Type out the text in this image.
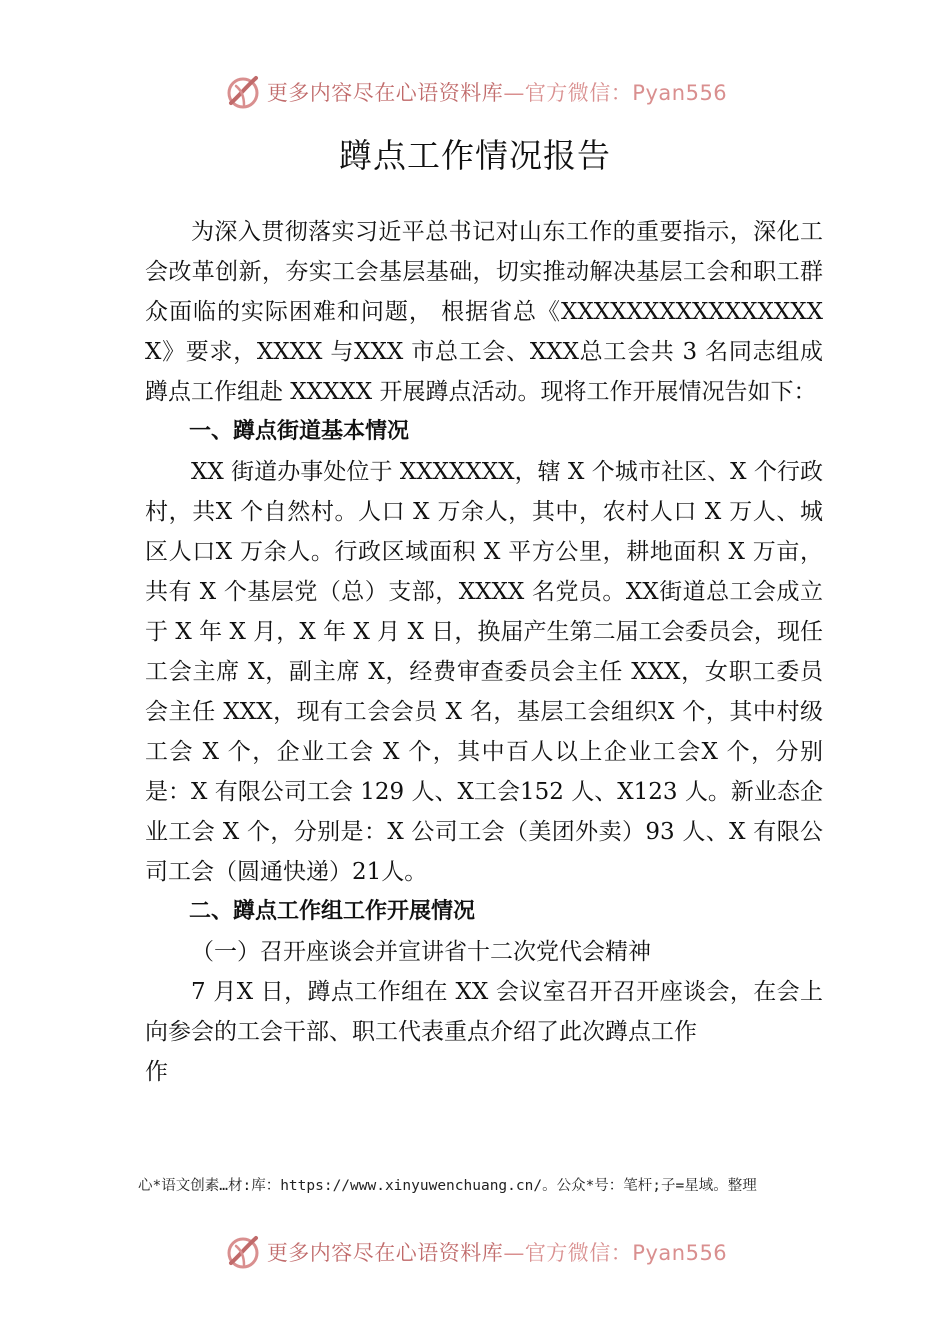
更多内容尽在心语资料库—官方微信：Pyan556
蹲点工作情况报告

为深入贯彻落实习近平总书记对山东工作的重要指示，深化工会改革创新，夯实工会基层基础，切实推动解决基层工会和职工群众面临的实际困难和问题， 根据省总《XXXXXXXXXXXXXXXXX》要求，XXXX 与XXX 市总工会、XXX总工会共 3 名同志组成蹲点工作组赴 XXXXX 开展蹲点活动。现将工作开展情况告如下：

一、蹲点街道基本情况

XX 街道办事处位于 XXXXXXX，辖 X 个城市社区、X 个行政村，共X 个自然村。人口 X 万余人，其中，农村人口 X 万人、城区人口X 万余人。行政区域面积 X 平方公里，耕地面积 X 万亩，共有 X 个基层党（总）支部，XXXX 名党员。XX街道总工会成立于 X 年 X 月，X 年 X 月 X 日，换届产生第二届工会委员会，现任工会主席 X，副主席 X，经费审查委员会主任 XXX，女职工委员会主任 XXX，现有工会会员 X 名，基层工会组织X 个，其中村级工会 X 个，企业工会 X 个，其中百人以上企业工会X 个，分别是：X 有限公司工会 129 人、X工会152 人、X123 人。新业态企业工会 X 个，分别是：X 公司工会（美团外卖）93 人、X 有限公司工会（圆通快递）21人。

二、蹲点工作组工作开展情况

（一）召开座谈会并宣讲省十二次党代会精神

7 月X 日，蹲点工作组在 XX 会议室召开召开座谈会，在会上向参会的工会干部、职工代表重点介绍了此次蹲点工作

作

心*语文创素…材:库：https://www.xinyuwenchuang.cn/。公众*号：笔杆;子=星域。整理
更多内容尽在心语资料库—官方微信：Pyan556
